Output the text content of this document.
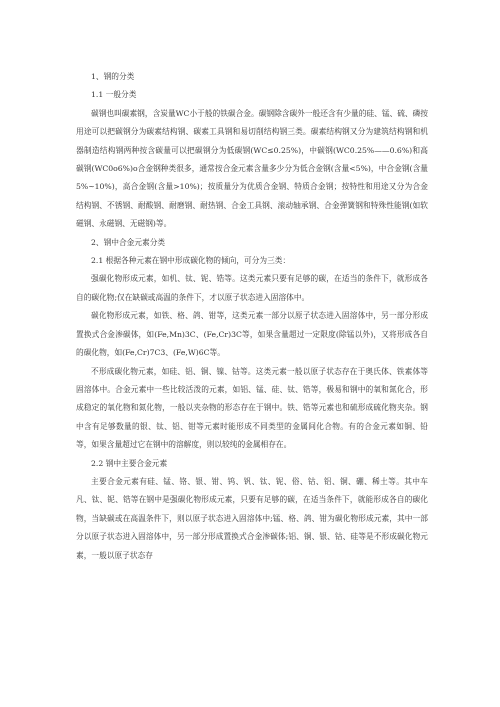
1、钢的分类

1.1 一般分类

碳钢也叫碳素钢，含炭量WC小于般的铁碳合金。碳钢除含碳外一般还含有少量的硅、锰、硫、磷按用途可以把碳钢分为碳素结构钢、碳素工具钢和易切削结构钢三类。碳素结构钢又分为建筑结构钢和机器制造结构钢两种按含碳量可以把碳钢分为低碳钢(WC≤0.25%)，中碳钢(WC0.25%——0.6%)和高碳钢(WC0o6%)o合金钢种类很多，通常按合金元素含量多少分为低合金钢(含量<5%)，中合金钢(含量5%~10%)，高合金钢(含量>10%)；按质量分为优质合金钢、特质合金钢；按特性和用途又分为合金结构钢、不锈钢、耐酸钢、耐磨钢、耐热钢、合金工具钢、滚动轴承钢、合金弹簧钢和特殊性能钢(如软磁钢、永磁钢、无磁钢)等。

2、钢中合金元素分类

2.1 根据各种元素在钢中形成碳化物的倾向，可分为三类：

强碳化物形成元素，如机、钛、铌、锆等。这类元素只要有足够的碳，在适当的条件下，就形成各自的碳化物;仅在缺碳或高温的条件下，才以原子状态进入固溶体中。

碳化物形成元素，如铁、格、鸽、钳等，这类元素一部分以原子状态进入固溶体中，另一部分形成置换式合金渗碳体，如(Fe,Mn)3C、(Fe,Cr)3C等，如果含量超过一定限度(除锰以外)，又将形成各自的碳化物，如(Fe,Cr)7C3、(Fe,W)6C等。

不形成碳化物元素，如硅、铝、铜、镍、钴等。这类元素一般以原子状态存在于奥氏体、铁素体等固溶体中。合金元素中一些比较活泼的元素，如铝、锰、硅、钛、锆等，极易和钢中的氧和氮化合，形成稳定的氧化物和氮化物，一般以夹杂物的形态存在于钢中。铁、锆等元素也和硫形成硫化物夹杂。钢中含有足够数量的银、钛、铝、钳等元素时能形成不同类型的金属间化合物。有的合金元素如铜、铅等，如果含量超过它在钢中的溶解度，则以较纯的金属相存在。

2.2 钢中主要合金元素

主要合金元素有硅、锰、铬、银、钳、钨、钒、钛、铌、俗、钴、铝、铜、硼、稀土等。其中车凡、钛、铌、锆等在钢中是强碳化物形成元素，只要有足够的碳，在适当条件下，就能形成各自的碳化物，当缺碳或在高温条件下，则以原子状态进入固溶体中;锰、格、鸽、钳为碳化物形成元素，其中一部分以原子状态进入固溶体中，另一部分形成置换式合金渗碳体;铝、铜、银、钴、硅等是不形成碳化物元素，一般以原子状态存
